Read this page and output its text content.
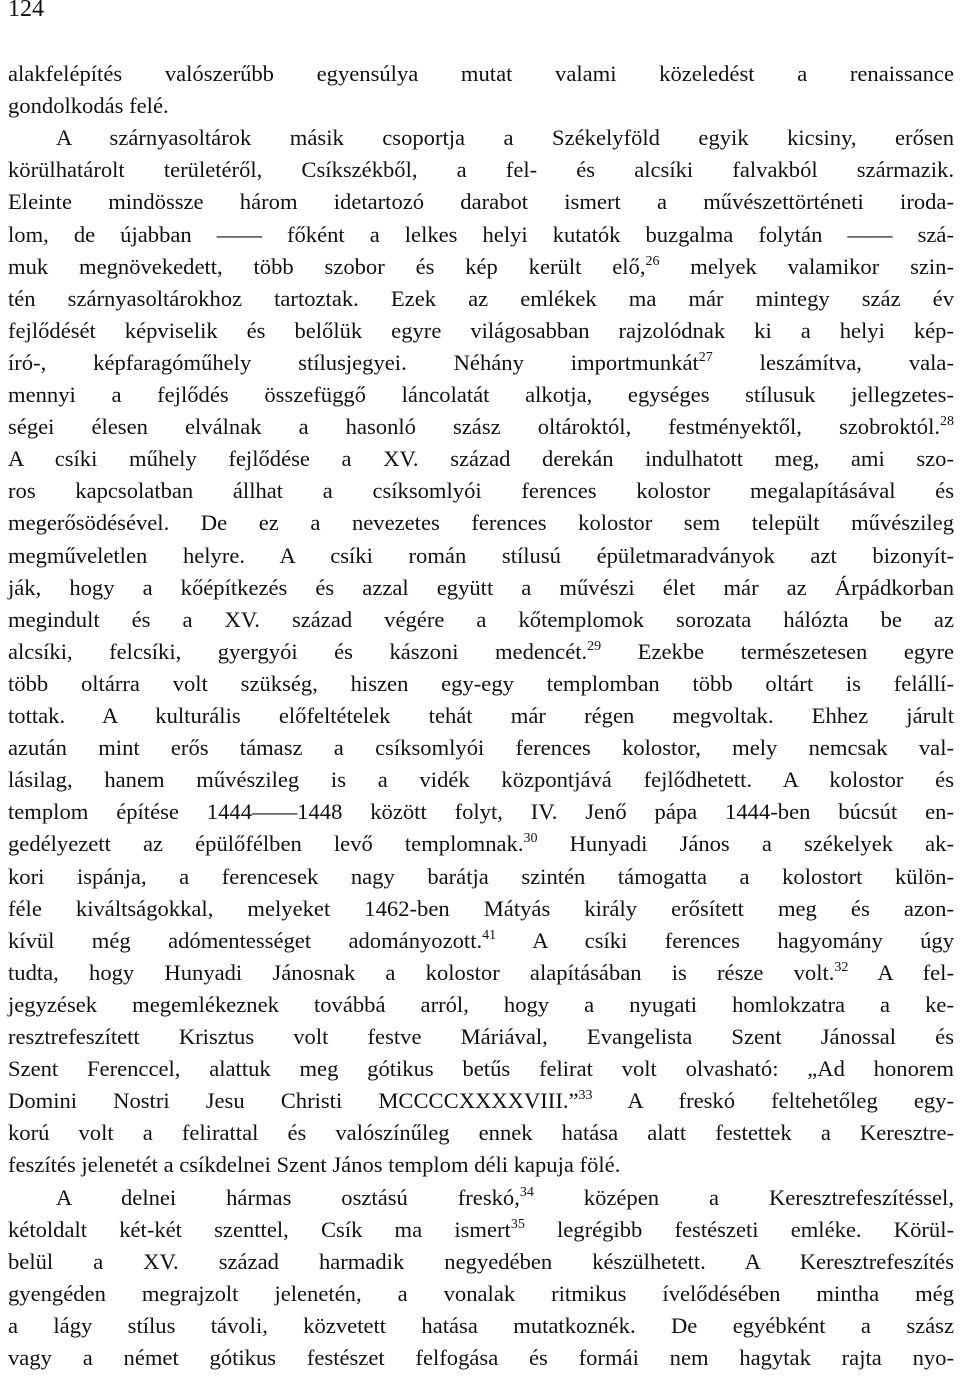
124
alakfelépítés valószerűbb egyensúlya mutat valami közeledést a renaissance
gondolkodás felé.
A szárnyasoltárok másik csoportja a Székelyföld egyik kicsiny, erősen
körülhatárolt területéről, Csíkszékből, a fel- és alcsíki falvakból származik.
Eleinte mindössze három idetartozó darabot ismert a művészettörténeti iroda-
lom, de újabban —— főként a lelkes helyi kutatók buzgalma folytán —— szá-
muk megnövekedett, több szobor és kép került elő,$^{26}$ melyek valamikor szin-
tén szárnyasoltárokhoz tartoztak. Ezek az emlékek ma már mintegy száz év
fejlődését képviselik és belőlük egyre világosabban rajzolódnak ki a helyi kép-
író-, képfaragóműhely stílusjegyei. Néhány importmunkát$^{27}$ leszámítva, vala-
mennyi a fejlődés összefüggő láncolatát alkotja, egységes stílusuk jellegzetes-
ségei élesen elválnak a hasonló szász oltároktól, festményektől, szobroktól.$^{28}$
A csíki műhely fejlődése a XV. század derekán indulhatott meg, ami szo-
ros kapcsolatban állhat a csíksomlyói ferences kolostor megalapításával és
megerősödésével. De ez a nevezetes ferences kolostor sem települt művészileg
megműveletlen helyre. A csíki román stílusú épületmaradványok azt bizonyít-
ják, hogy a kőépítkezés és azzal együtt a művészi élet már az Árpádkorban
megindult és a XV. század végére a kőtemplomok sorozata hálózta be az
alcsíki, felcsíki, gyergyói és kászoni medencét.$^{29}$ Ezekbe természetesen egyre
több oltárra volt szükség, hiszen egy-egy templomban több oltárt is felállí-
tottak. A kulturális előfeltételek tehát már régen megvoltak. Ehhez járult
azután mint erős támasz a csíksomlyói ferences kolostor, mely nemcsak val-
lásilag, hanem művészileg is a vidék központjává fejlődhetett. A kolostor és
templom építése 1444——1448 között folyt, IV. Jenő pápa 1444-ben búcsút en-
gedélyezett az épülőfélben levő templomnak.$^{30}$ Hunyadi János a székelyek ak-
kori ispánja, a ferencesek nagy barátja szintén támogatta a kolostort külön-
féle kiváltságokkal, melyeket 1462-ben Mátyás király erősített meg és azon-
kívül még adómentességet adományozott.$^{41}$ A csíki ferences hagyomány úgy
tudta, hogy Hunyadi Jánosnak a kolostor alapításában is része volt.$^{32}$ A fel-
jegyzések megemlékeznek továbbá arról, hogy a nyugati homlokzatra a ke-
resztrefeszített Krisztus volt festve Máriával, Evangelista Szent Jánossal és
Szent Ferenccel, alattuk meg gótikus betűs felirat volt olvasható: „Ad honorem
Domini Nostri Jesu Christi MCCCCXXXXVIII.”$^{33}$ A freskó feltehetőleg egy-
korú volt a felirattal és valószínűleg ennek hatása alatt festettek a Keresztre-
feszítés jelenetét a csíkdelnei Szent János templom déli kapuja fölé.
A delnei hármas osztású freskó,$^{34}$ középen a Keresztrefeszítéssel,
kétoldalt két-két szenttel, Csík ma ismert$^{35}$ legrégibb festészeti emléke. Körül-
belül a XV. század harmadik negyedében készülhetett. A Keresztrefeszítés
gyengéden megrajzolt jelenetén, a vonalak ritmikus ívelődésében mintha még
a lágy stílus távoli, közvetett hatása mutatkoznék. De egyébként a szász
vagy a német gótikus festészet felfogása és formái nem hagytak rajta nyo-
